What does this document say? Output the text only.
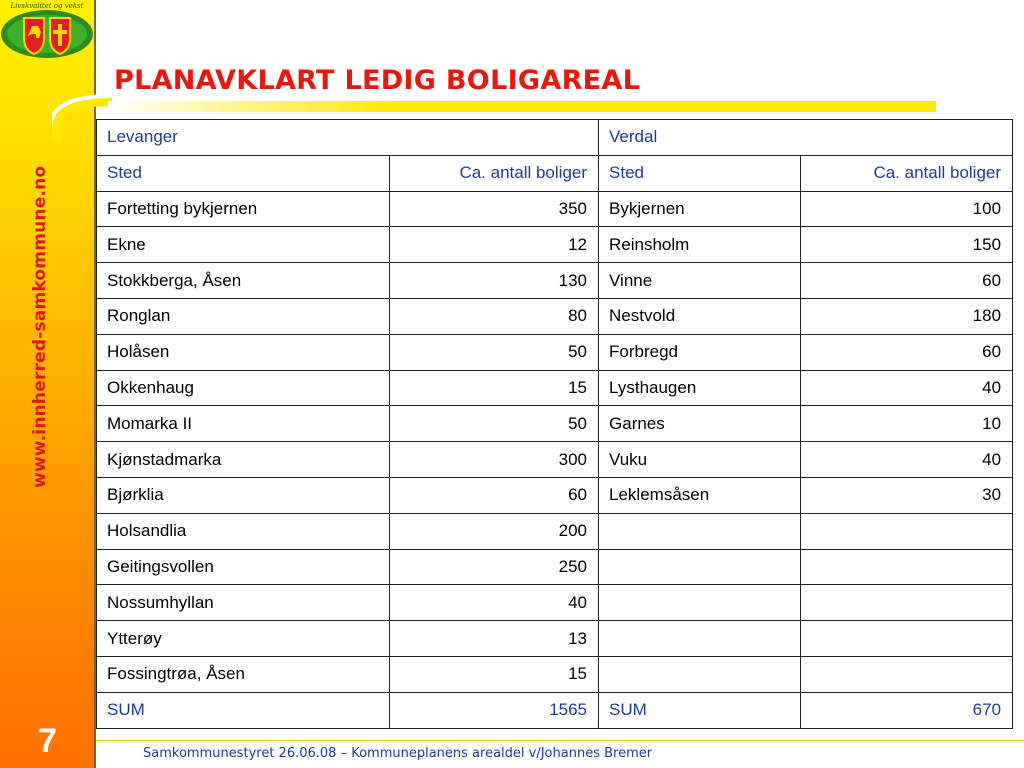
Livskvalitet og vekst
www.innherred-samkommune.no
7
PLANAVKLART LEDIG BOLIGAREAL
Levanger		Verdal	
Sted	Ca. antall boliger	Sted	Ca. antall boliger
Fortetting bykjernen	350	Bykjernen	100
Ekne	12	Reinsholm	150
Stokkberga, Åsen	130	Vinne	60
Ronglan	80	Nestvold	180
Holåsen	50	Forbregd	60
Okkenhaug	15	Lysthaugen	40
Momarka II	50	Garnes	10
Kjønstadmarka	300	Vuku	40
Bjørklia	60	Leklemsåsen	30
Holsandlia	200		
Geitingsvollen	250		
Nossumhyllan	40		
Ytterøy	13		
Fossingtrøa, Åsen	15		
SUM	1565	SUM	670
Samkommunestyret 26.06.08 – Kommuneplanens arealdel v/Johannes Bremer
